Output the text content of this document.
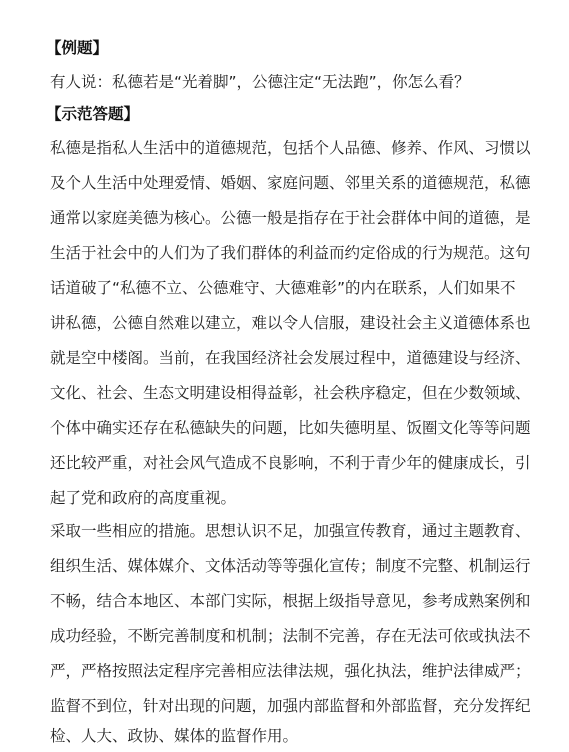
【例题】
有人说：私德若是“光着脚”，公德注定“无法跑”，你怎么看？
【示范答题】
私德是指私人生活中的道德规范，包括个人品德、修养、作风、习惯以
及个人生活中处理爱情、婚姻、家庭问题、邻里关系的道德规范，私德
通常以家庭美德为核心。公德一般是指存在于社会群体中间的道德，是
生活于社会中的人们为了我们群体的利益而约定俗成的行为规范。这句
话道破了“私德不立、公德难守、大德难彰”的内在联系，人们如果不
讲私德，公德自然难以建立，难以令人信服，建设社会主义道德体系也
就是空中楼阁。当前，在我国经济社会发展过程中，道德建设与经济、
文化、社会、生态文明建设相得益彰，社会秩序稳定，但在少数领域、
个体中确实还存在私德缺失的问题，比如失德明星、饭圈文化等等问题
还比较严重，对社会风气造成不良影响，不利于青少年的健康成长，引
起了党和政府的高度重视。
采取一些相应的措施。思想认识不足，加强宣传教育，通过主题教育、
组织生活、媒体媒介、文体活动等等强化宣传；制度不完整、机制运行
不畅，结合本地区、本部门实际，根据上级指导意见，参考成熟案例和
成功经验，不断完善制度和机制；法制不完善，存在无法可依或执法不
严，严格按照法定程序完善相应法律法规，强化执法，维护法律威严；
监督不到位，针对出现的问题，加强内部监督和外部监督，充分发挥纪
检、人大、政协、媒体的监督作用。
